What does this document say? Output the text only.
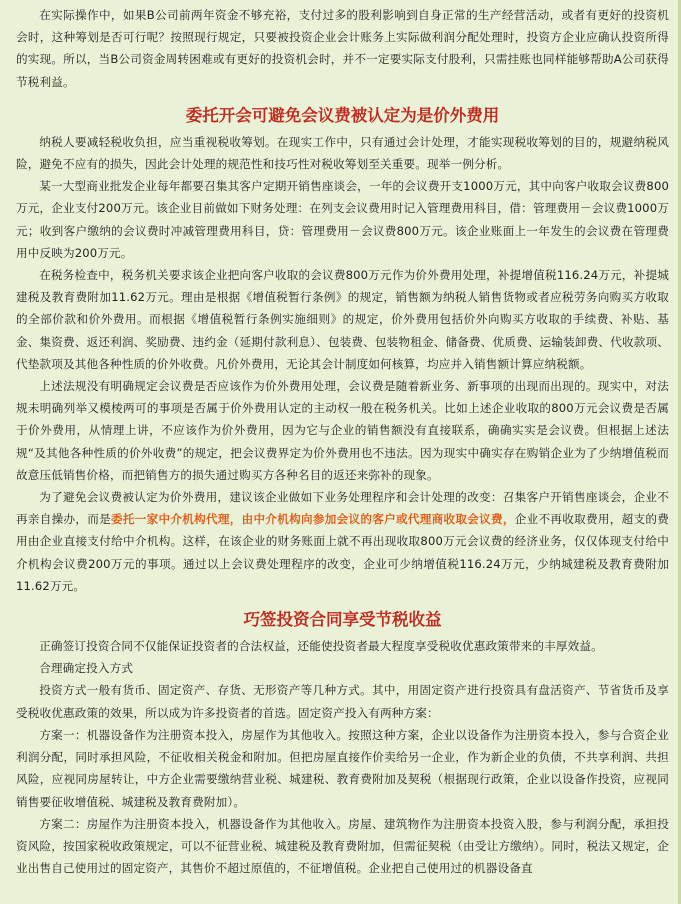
在实际操作中，如果B公司前两年资金不够充裕，支付过多的股利影响到自身正常的生产经营活动，或者有更好的投资机会时，这种筹划是否可行呢？按照现行规定，只要被投资企业会计账务上实际做利润分配处理时，投资方企业应确认投资所得的实现。所以，当B公司资金周转困难或有更好的投资机会时，并不一定要实际支付股利，只需挂账也同样能够帮助A公司获得节税利益。

委托开会可避免会议费被认定为是价外费用

纳税人要减轻税收负担，应当重视税收筹划。在现实工作中，只有通过会计处理，才能实现税收筹划的目的，规避纳税风险，避免不应有的损失，因此会计处理的规范性和技巧性对税收筹划至关重要。现举一例分析。

某一大型商业批发企业每年都要召集其客户定期开销售座谈会，一年的会议费开支1000万元，其中向客户收取会议费800万元，企业支付200万元。该企业目前做如下财务处理：在列支会议费用时记入管理费用科目，借：管理费用－会议费1000万元；收到客户缴纳的会议费时冲减管理费用科目，贷：管理费用－会议费800万元。该企业账面上一年发生的会议费在管理费用中反映为200万元。

在税务检查中，税务机关要求该企业把向客户收取的会议费800万元作为价外费用处理，补提增值税116.24万元，补提城建税及教育费附加11.62万元。理由是根据《增值税暂行条例》的规定，销售额为纳税人销售货物或者应税劳务向购买方收取的全部价款和价外费用。而根据《增值税暂行条例实施细则》的规定，价外费用包括价外向购买方收取的手续费、补贴、基金、集资费、返还利润、奖励费、违约金（延期付款利息）、包装费、包装物租金、储备费、优质费、运输装卸费、代收款项、代垫款项及其他各种性质的价外收费。凡价外费用，无论其会计制度如何核算，均应并入销售额计算应纳税额。

上述法规没有明确规定会议费是否应该作为价外费用处理，会议费是随着新业务、新事项的出现而出现的。现实中，对法规未明确列举又模棱两可的事项是否属于价外费用认定的主动权一般在税务机关。比如上述企业收取的800万元会议费是否属于价外费用，从情理上讲，不应该作为价外费用，因为它与企业的销售额没有直接联系，确确实实是会议费。但根据上述法规“及其他各种性质的价外收费”的规定，把会议费界定为价外费用也不违法。因为现实中确实存在购销企业为了少纳增值税而故意压低销售价格，而把销售方的损失通过购买方各种名目的返还来弥补的现象。

为了避免会议费被认定为价外费用，建议该企业做如下业务处理程序和会计处理的改变：召集客户开销售座谈会，企业不再亲自操办，而是委托一家中介机构代理，由中介机构向参加会议的客户或代理商收取会议费，企业不再收取费用，超支的费用由企业直接支付给中介机构。这样，在该企业的财务账面上就不再出现收取800万元会议费的经济业务，仅仅体现支付给中介机构会议费200万元的事项。通过以上会议费处理程序的改变，企业可少纳增值税116.24万元，少纳城建税及教育费附加11.62万元。

巧签投资合同享受节税收益

正确签订投资合同不仅能保证投资者的合法权益，还能使投资者最大程度享受税收优惠政策带来的丰厚效益。

合理确定投入方式

投资方式一般有货币、固定资产、存货、无形资产等几种方式。其中，用固定资产进行投资具有盘活资产、节省货币及享受税收优惠政策的效果，所以成为许多投资者的首选。固定资产投入有两种方案：

方案一：机器设备作为注册资本投入，房屋作为其他收入。按照这种方案，企业以设备作为注册资本投入，参与合资企业利润分配，同时承担风险，不征收相关税金和附加。但把房屋直接作价卖给另一企业，作为新企业的负债，不共享利润、共担风险，应视同房屋转让，中方企业需要缴纳营业税、城建税、教育费附加及契税（根据现行政策，企业以设备作投资，应视同销售要征收增值税、城建税及教育费附加）。

方案二：房屋作为注册资本投入，机器设备作为其他收入。房屋、建筑物作为注册资本投资入股，参与利润分配，承担投资风险，按国家税收政策规定，可以不征营业税、城建税及教育费附加，但需征契税（由受让方缴纳）。同时，税法又规定，企业出售自己使用过的固定资产，其售价不超过原值的，不征增值税。企业把自己使用过的机器设备直
